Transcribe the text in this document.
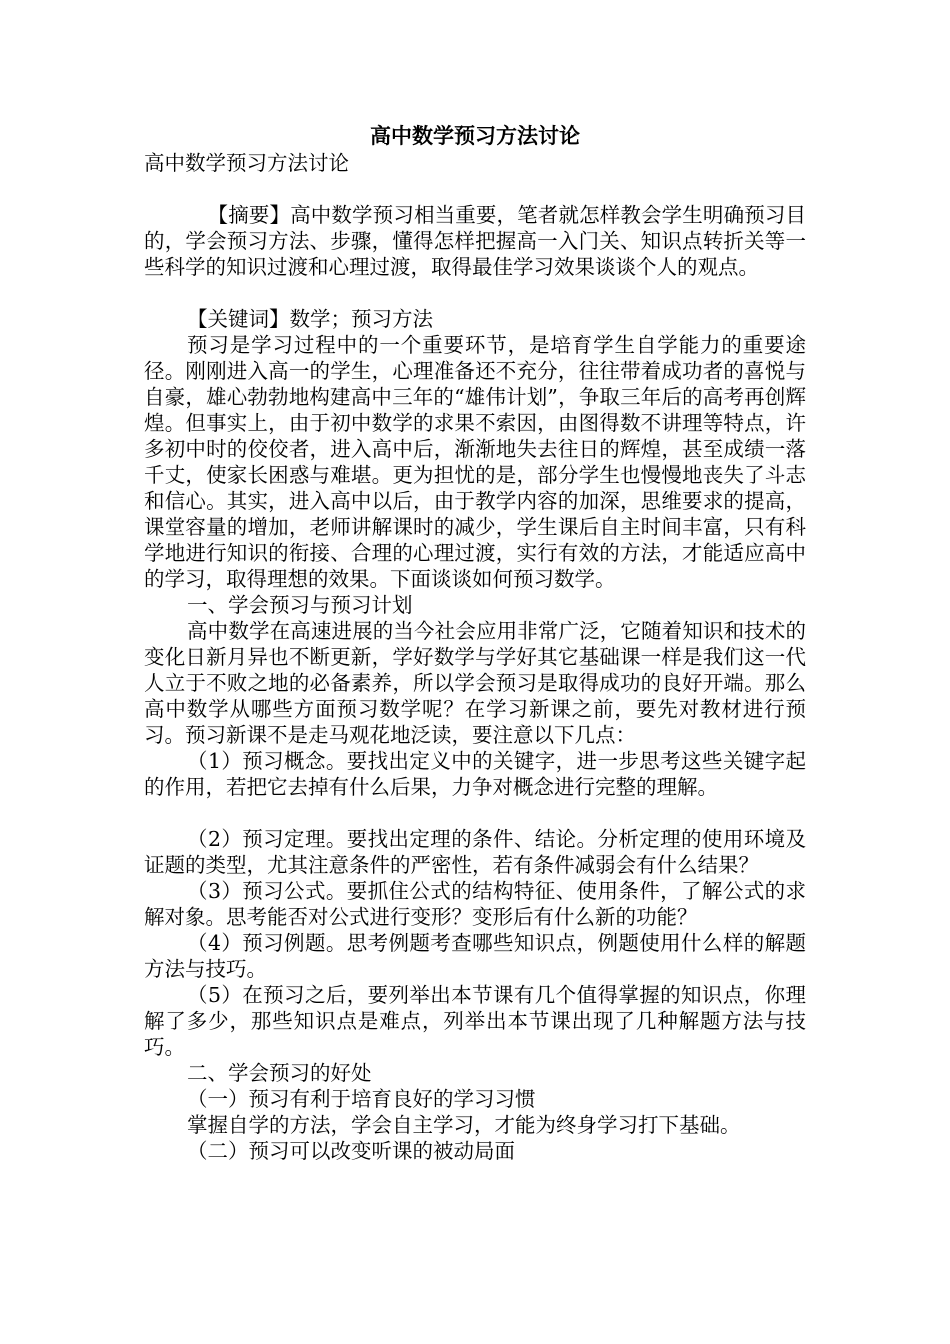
高中数学预习方法讨论

高中数学预习方法讨论

【摘要】高中数学预习相当重要，笔者就怎样教会学生明确预习目的，学会预习方法、步骤，懂得怎样把握高一入门关、知识点转折关等一些科学的知识过渡和心理过渡，取得最佳学习效果谈谈个人的观点。

【关键词】数学；预习方法

预习是学习过程中的一个重要环节，是培育学生自学能力的重要途径。刚刚进入高一的学生，心理准备还不充分，往往带着成功者的喜悦与自豪，雄心勃勃地构建高中三年的“雄伟计划”，争取三年后的高考再创辉煌。但事实上，由于初中数学的求果不索因，由图得数不讲理等特点，许多初中时的佼佼者，进入高中后，渐渐地失去往日的辉煌，甚至成绩一落千丈，使家长困惑与难堪。更为担忧的是，部分学生也慢慢地丧失了斗志和信心。其实，进入高中以后，由于教学内容的加深，思维要求的提高，课堂容量的增加，老师讲解课时的减少，学生课后自主时间丰富，只有科学地进行知识的衔接、合理的心理过渡，实行有效的方法，才能适应高中的学习，取得理想的效果。下面谈谈如何预习数学。

一、学会预习与预习计划

高中数学在高速进展的当今社会应用非常广泛，它随着知识和技术的变化日新月异也不断更新，学好数学与学好其它基础课一样是我们这一代人立于不败之地的必备素养，所以学会预习是取得成功的良好开端。那么高中数学从哪些方面预习数学呢？在学习新课之前，要先对教材进行预习。预习新课不是走马观花地泛读，要注意以下几点：

（1）预习概念。要找出定义中的关键字，进一步思考这些关键字起的作用，若把它去掉有什么后果，力争对概念进行完整的理解。

（2）预习定理。要找出定理的条件、结论。分析定理的使用环境及证题的类型，尤其注意条件的严密性，若有条件减弱会有什么结果？

（3）预习公式。要抓住公式的结构特征、使用条件，了解公式的求解对象。思考能否对公式进行变形？变形后有什么新的功能？

（4）预习例题。思考例题考查哪些知识点，例题使用什么样的解题方法与技巧。

（5）在预习之后，要列举出本节课有几个值得掌握的知识点，你理解了多少，那些知识点是难点，列举出本节课出现了几种解题方法与技巧。

二、学会预习的好处

（一）预习有利于培育良好的学习习惯

掌握自学的方法，学会自主学习，才能为终身学习打下基础。

（二）预习可以改变听课的被动局面
